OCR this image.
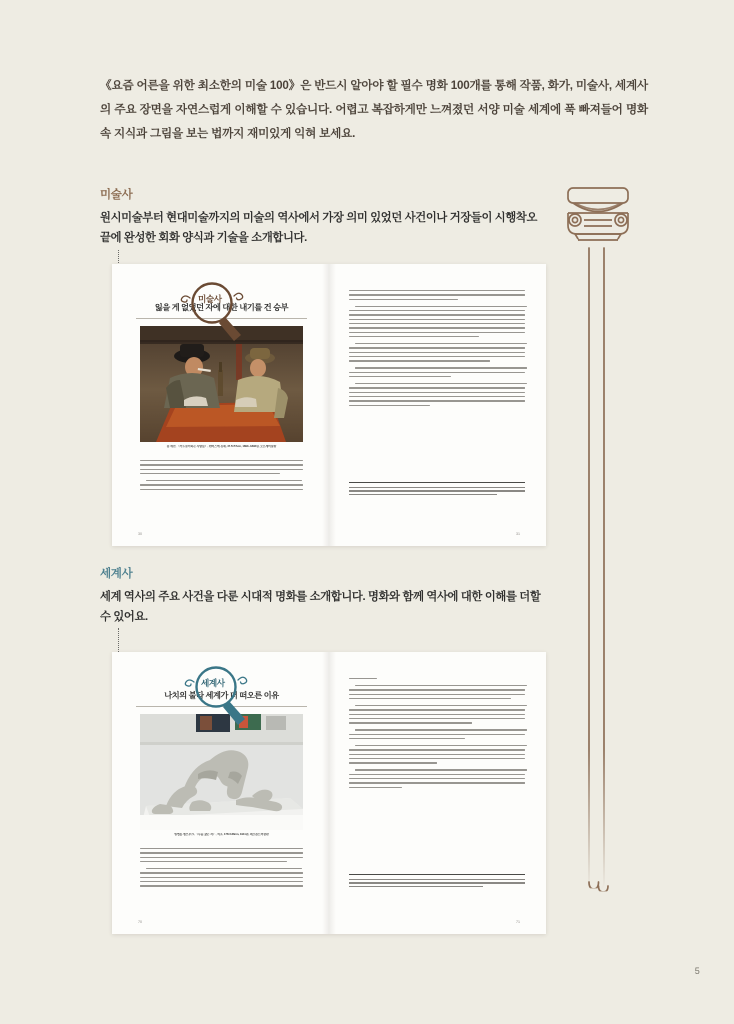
《요즘 어른을 위한 최소한의 미술 100》은 반드시 알아야 할 필수 명화 100개를 통해 작품, 화가, 미술사, 세계사의 주요 장면을 자연스럽게 이해할 수 있습니다. 어렵고 복잡하게만 느껴졌던 서양 미술 세계에 푹 빠져들어 명화 속 지식과 그림을 보는 법까지 재미있게 익혀 보세요.

미술사
원시미술부터 현대미술까지의 미술의 역사에서 가장 의미 있었던 사건이나 거장들이 시행착오 끝에 완성한 회화 양식과 기술을 소개합니다.
잃을 게 없었던 자에 대한 내기를 건 승부
폴 세잔, 〈카드놀이하는 사람들〉, 캔버스에 유채, 47.5×57cm, 1890~1892년, 오르세미술관
30	31
미술사
세계사
세계 역사의 주요 사건을 다룬 시대적 명화를 소개합니다. 명화와 함께 역사에 대한 이해를 더할 수 있어요.
나치의 불타 세계가 더 떠오른 이유
빌헬름 렘브루크, 〈무릎 꿇은 자〉, 석고, 176×138cm, 1911년, 레오폴트미술관
70	71
세계사
5
